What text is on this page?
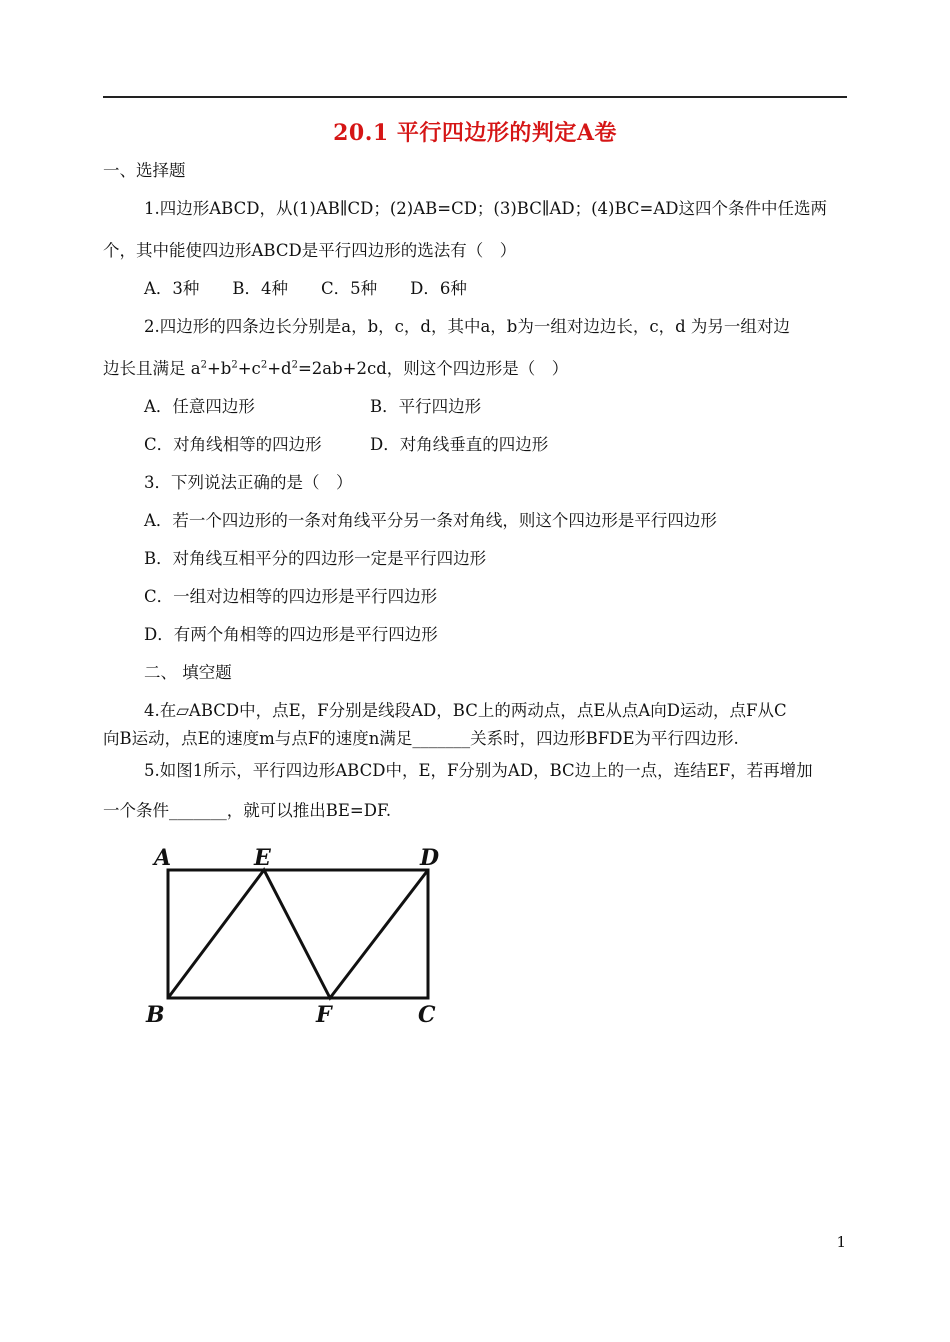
20.1 平行四边形的判定A卷
一、选择题
1.四边形ABCD，从(1)AB∥CD；(2)AB=CD；(3)BC∥AD；(4)BC=AD这四个条件中任选两
个，其中能使四边形ABCD是平行四边形的选法有（　）
A．3种　　B．4种　　C．5种　　D．6种
2.四边形的四条边长分别是a，b，c，d，其中a，b为一组对边边长，c，d 为另一组对边
边长且满足 $a^2+b^2+c^2+d^2=2ab+2cd$，则这个四边形是（　）
A．任意四边形	B．平行四边形
C．对角线相等的四边形	D．对角线垂直的四边形
3．下列说法正确的是（　）
A．若一个四边形的一条对角线平分另一条对角线，则这个四边形是平行四边形
B．对角线互相平分的四边形一定是平行四边形
C．一组对边相等的四边形是平行四边形
D．有两个角相等的四边形是平行四边形
二、 填空题
4.在▱ABCD中，点E，F分别是线段AD，BC上的两动点，点E从点A向D运动，点F从C
向B运动，点E的速度m与点F的速度n满足_______关系时，四边形BFDE为平行四边形.
5.如图1所示，平行四边形ABCD中，E，F分别为AD，BC边上的一点，连结EF，若再增加
一个条件_______，就可以推出BE=DF.
A	E	D
B	F	C
1
